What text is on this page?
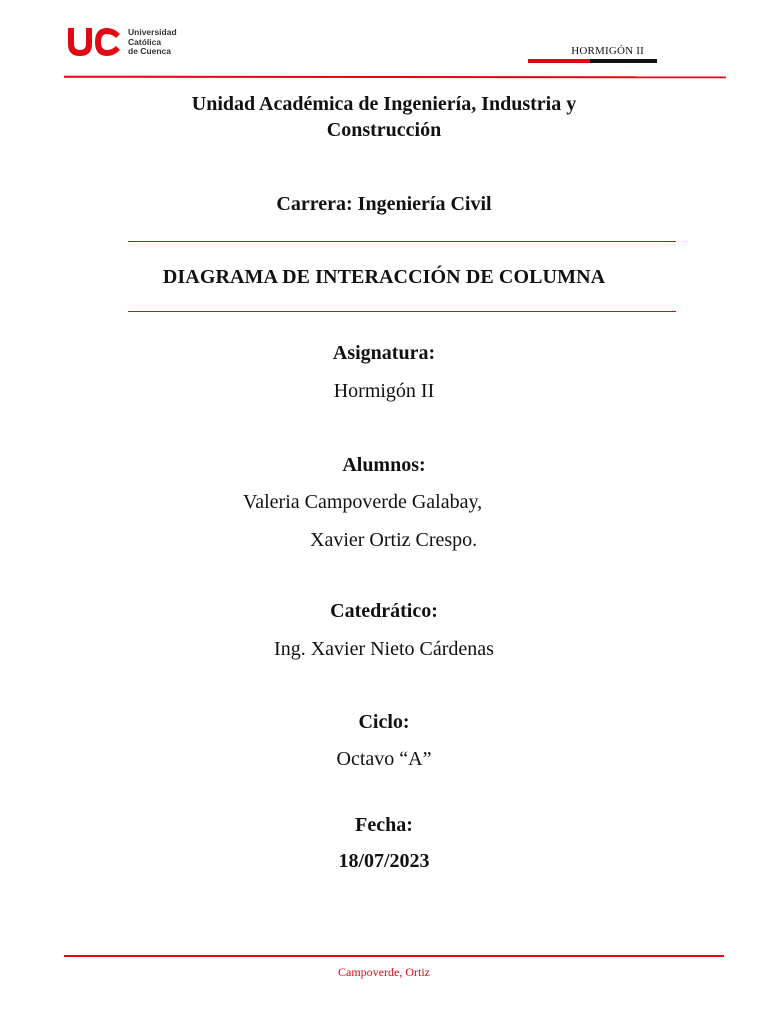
Universidad
Católica
de Cuenca	HORMIGÓN II
Unidad Académica de Ingeniería, Industria y
Construcción
Carrera: Ingeniería Civil
DIAGRAMA DE INTERACCIÓN DE COLUMNA
Asignatura:
Hormigón II
Alumnos:
Valeria Campoverde Galabay,
Xavier Ortiz Crespo.
Catedrático:
Ing. Xavier Nieto Cárdenas
Ciclo:
Octavo “A”
Fecha:
18/07/2023
Campoverde, Ortiz
